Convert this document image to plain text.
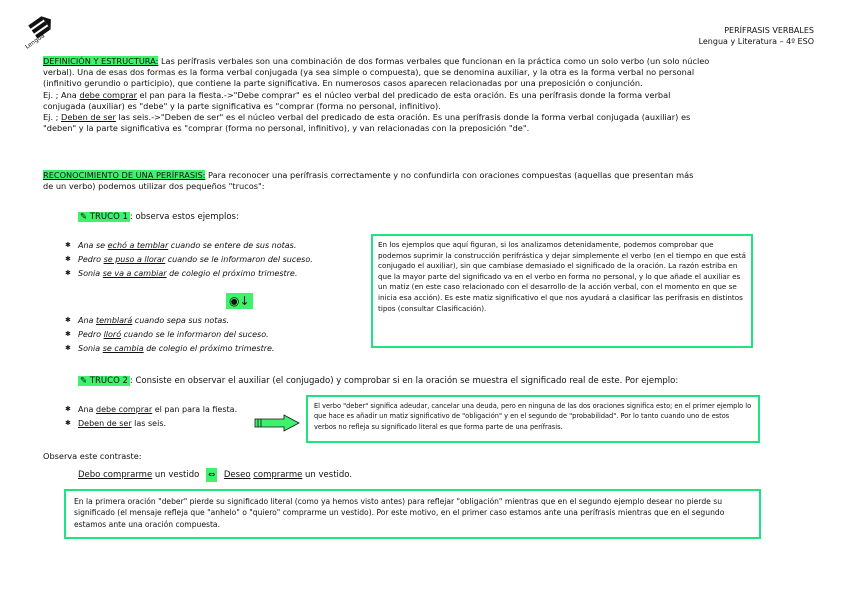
Lengua
PERÍFRASIS VERBALES
Lengua y Literatura – 4º ESO
DEFINICIÓN Y ESTRUCTURA: Las perífrasis verbales son una combinación de dos formas verbales que funcionan en la práctica como un solo verbo (un solo núcleo
verbal). Una de esas dos formas es la forma verbal conjugada (ya sea simple o compuesta), que se denomina auxiliar, y la otra es la forma verbal no personal
(infinitivo gerundio o participio), que contiene la parte significativa. En numerosos casos aparecen relacionadas por una preposición o conjunción.
Ej. ; Ana debe comprar el pan para la fiesta.->"Debe comprar" es el núcleo verbal del predicado de esta oración. Es una perífrasis donde la forma verbal
conjugada (auxiliar) es "debe" y la parte significativa es "comprar (forma no personal, infinitivo).
Ej. ; Deben de ser las seis.->"Deben de ser" es el núcleo verbal del predicado de esta oración. Es una perífrasis donde la forma verbal conjugada (auxiliar) es
"deben" y la parte significativa es "comprar (forma no personal, infinitivo), y van relacionadas con la preposición "de".
RECONOCIMIENTO DE UNA PERÍFRASIS: Para reconocer una perífrasis correctamente y no confundirla con oraciones compuestas (aquellas que presentan más
de un verbo) podemos utilizar dos pequeños "trucos":
✎ TRUCO 1 : observa estos ejemplos:
✱ Ana se echó a temblar cuando se entere de sus notas.
✱ Pedro se puso a llorar cuando se le informaron del suceso.
✱ Sonia se va a cambiar de colegio el próximo trimestre.
◉↓
✱ Ana temblará cuando sepa sus notas.
✱ Pedro lloró cuando se le informaron del suceso.
✱ Sonia se cambia de colegio el próximo trimestre.
En los ejemplos que aquí figuran, si los analizamos detenidamente, podemos comprobar que podemos suprimir la construcción perifrástica y dejar simplemente el verbo (en el tiempo en que está conjugado el auxiliar), sin que cambiase demasiado el significado de la oración. La razón estriba en que la mayor parte del significado va en el verbo en forma no personal, y lo que añade el auxiliar es un matiz (en este caso relacionado con el desarrollo de la acción verbal, con el momento en que se inicia esa acción). Es este matiz significativo el que nos ayudará a clasificar las perífrasis en distintos tipos (consultar Clasificación).
✎ TRUCO 2 : Consiste en observar el auxiliar (el conjugado) y comprobar si en la oración se muestra el significado real de este. Por ejemplo:
✱ Ana debe comprar el pan para la fiesta.
✱ Deben de ser las seis.
El verbo "deber" significa adeudar, cancelar una deuda, pero en ninguna de las dos oraciones significa esto; en el primer ejemplo lo que hace es añadir un matiz significativo de "obligación" y en el segundo de "probabilidad". Por lo tanto cuando uno de estos verbos no refleja su significado literal es que forma parte de una perífrasis.
Observa este contraste:
Debo comprarme un vestido ⇔ Deseo comprarme un vestido.
En la primera oración "deber" pierde su significado literal (como ya hemos visto antes) para reflejar "obligación" mientras que en el segundo ejemplo desear no pierde su significado (el mensaje refleja que "anhelo" o "quiero" comprarme un vestido). Por este motivo, en el primer caso estamos ante una perífrasis mientras que en el segundo estamos ante una oración compuesta.
